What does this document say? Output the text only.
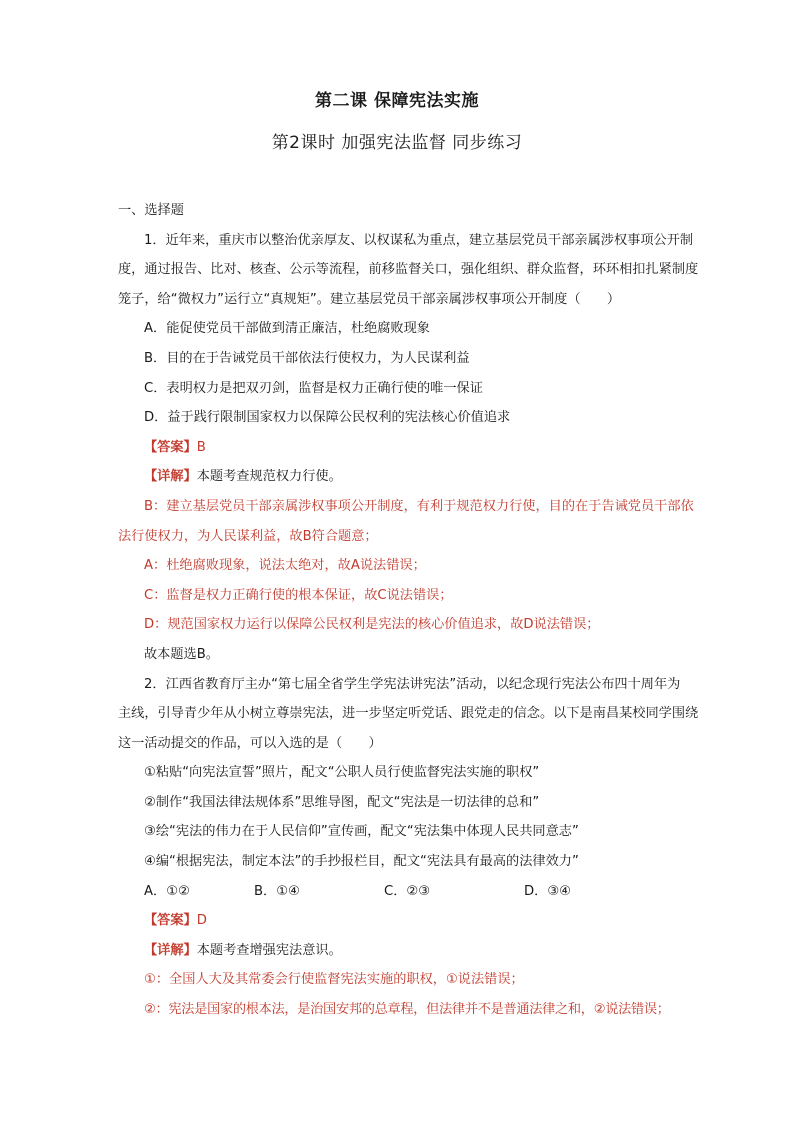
第二课 保障宪法实施
第2课时 加强宪法监督 同步练习
一、选择题
1．近年来，重庆市以整治优亲厚友、以权谋私为重点，建立基层党员干部亲属涉权事项公开制
度，通过报告、比对、核查、公示等流程，前移监督关口，强化组织、群众监督，环环相扣扎紧制度
笼子，给“微权力”运行立“真规矩”。建立基层党员干部亲属涉权事项公开制度（　　）
A．能促使党员干部做到清正廉洁，杜绝腐败现象
B．目的在于告诫党员干部依法行使权力，为人民谋利益
C．表明权力是把双刃剑，监督是权力正确行使的唯一保证
D．益于践行限制国家权力以保障公民权利的宪法核心价值追求
【答案】B
【详解】本题考查规范权力行使。
B：建立基层党员干部亲属涉权事项公开制度，有利于规范权力行使，目的在于告诫党员干部依
法行使权力，为人民谋利益，故B符合题意；
A：杜绝腐败现象，说法太绝对，故A说法错误；
C：监督是权力正确行使的根本保证，故C说法错误；
D：规范国家权力运行以保障公民权利是宪法的核心价值追求，故D说法错误；
故本题选B。
2．江西省教育厅主办“第七届全省学生学宪法讲宪法”活动，以纪念现行宪法公布四十周年为
主线，引导青少年从小树立尊崇宪法，进一步坚定听党话、跟党走的信念。以下是南昌某校同学围绕
这一活动提交的作品，可以入选的是（　　）
①粘贴“向宪法宣誓”照片，配文“公职人员行使监督宪法实施的职权”
②制作“我国法律法规体系”思维导图，配文“宪法是一切法律的总和”
③绘“宪法的伟力在于人民信仰”宣传画，配文“宪法集中体现人民共同意志”
④编“根据宪法，制定本法”的手抄报栏目，配文“宪法具有最高的法律效力”
A．①②	B．①④	C．②③	D．③④
【答案】D
【详解】本题考查增强宪法意识。
①：全国人大及其常委会行使监督宪法实施的职权，①说法错误；
②：宪法是国家的根本法，是治国安邦的总章程，但法律并不是普通法律之和，②说法错误；
